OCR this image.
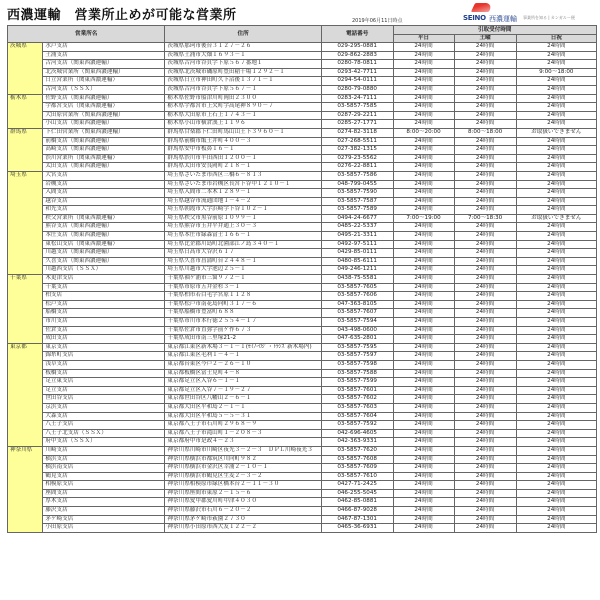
西濃運輸　営業所止めが可能な営業所	2019年06月11日時点	SEINO 西濃運輸 事業所を知る | カンガルー便
営業所名		住所	電話番号	引取受付時間		
				平日	土曜	日祝
茨城県	水戸支店	茨城県那珂市後台３１２７－２６	029-295-0881	24時間	24時間	24時間
	土浦支店	茨城県土浦市大畑１６９３－１	029-862-2883	24時間	24時間	24時間
	古河支店（関東西濃運輸）	茨城県古河市谷貝字下原５６７番地１	0280-78-0811	24時間	24時間	24時間
	北茨城営業所（関東西濃運輸）	茨城県北茨城市磯原町豊田稲干場１２９２－１	0293-42-7711	24時間	24時間	9:00～18:00
	日立営業所（関東西濃運輸）	茨城県日立市神田町久下沼後１３７１－１	0294-54-0111	24時間	24時間	24時間
	古河支店（ＳＳＸ）	茨城県古河市谷貝字下原５６７－１	0280-79-0880	24時間	24時間	24時間
栃木県	佐野支店（関東西濃運輸）	栃木県佐野市船津川町岡田２３００	0283-24-7111	24時間	24時間	24時間
	宇都宮支店（関東西濃運輸）	栃木県宇都宮市上欠町字高尾神８９０－７	03-5857-7585	24時間	24時間	24時間
	大田原営業所（関東西濃運輸）	栃木県大田原市上石上１７４３－１	0287-29-2211	24時間	24時間	24時間
	小山支店（関東西濃運輸）	栃木県小山市横倉漢上１１９６	0285-27-1771	24時間	24時間	24時間
群馬県	下仁田営業所（関東西濃運輸）	群馬県甘楽郡下仁田町馬山山王下３９６０－１	0274-82-3118	8:00～20:00	8:00～18:00	お取扱いできません
	前橋支店（関東西濃運輸）	群馬県前橋市飯土井町４００－３	027-268-5511	24時間	24時間	24時間
	高崎支店（関東西濃運輸）	群馬県安中市板鼻１６－１	027-382-1315	24時間	24時間	24時間
	渋川営業所（関東西濃運輸）	群馬県渋川市半田西田１２００－１	0279-23-5562	24時間	24時間	24時間
	太田支店（関東西濃運輸）	群馬県太田市安良岡町２１８－１	0276-22-8811	24時間	24時間	24時間
埼玉県	大宮支店	埼玉県さいたま市西区三橋６－８１３	03-5857-7586	24時間	24時間	24時間
	岩槻支店	埼玉県さいたま市岩槻区長宮下谷中１２１０－１	048-799-0455	24時間	24時間	24時間
	入間支店	埼玉県入間市二本木１２８９－１	03-5857-7590	24時間	24時間	24時間
	越谷支店	埼玉県越谷市流通団地１－４－２	03-5857-7587	24時間	24時間	24時間
	和光支店	埼玉県朝霞市大字浜崎字下谷１０２－１	03-5857-7589	24時間	24時間	24時間
	秩父営業所（関東西濃運輸）	埼玉県秩父市黒谷前原１０９９－１	0494-24-6677	7:00～19:00	7:00～18:30	お取扱いできません
	熊谷支店（関東西濃運輸）	埼玉県熊谷市玉井平井通上３０－３	0485-22-5337	24時間	24時間	24時間
	本庄支店（関東西濃運輸）	埼玉県本庄市緑森富士１６６－１	0495-21-3311	24時間	24時間	24時間
	東松山支店（関東西濃運輸）	埼玉県比企郡川島町北園部江ノ島３４０－１	0492-97-5111	24時間	24時間	24時間
	川越支店（関東西濃運輸）	埼玉県日高市大谷沢６１７	0429-85-0111	24時間	24時間	24時間
	久喜支店（関東西濃運輸）	埼玉県久喜市菖蒲町台２４４８－１	0480-85-6111	24時間	24時間	24時間
	川越西支店（ＳＳＸ）	埼玉県川越市大字池辺２５－１	049-246-1211	24時間	24時間	24時間
千葉県	木更津支店	千葉県袖ケ浦市三箇９７２－１	0438-75-5581	24時間	24時間	24時間
	千葉支店	千葉県市原市五井金杉３－１	03-5857-7605	24時間	24時間	24時間
	柏支店	千葉県柏市若白毛字宮原１１２８	03-5857-7606	24時間	24時間	24時間
	松戸支店	千葉県松戸市南花島向町３１７－６	047-363-8105	24時間	24時間	24時間
	船橋支店	千葉県船橋市豊富町６８８	03-5857-7607	24時間	24時間	24時間
	市川支店	千葉県市川市本行徳２５５４－１７	03-5857-7594	24時間	24時間	24時間
	佐倉支店	千葉県佐倉市直弥字前ケ作６７３	043-498-0600	24時間	24時間	24時間
	成田支店	千葉県成田市南三里塚21-2	047-635-2801	24時間	24時間	24時間
東京都	東京支店	東京都江東区新木場３－１－１(ｾｲﾉｰﾛｼﾞ・ﾄﾗﾝｽﾞ新木場内)	03-5857-7595	24時間	24時間	24時間
	錦糸町支店	東京都江東区毛利１－４－１	03-5857-7597	24時間	24時間	24時間
	浅草支店	東京都台東区今戸２－２６－１０	03-5857-7598	24時間	24時間	24時間
	板橋支店	東京都板橋区富士見町４－８	03-5857-7588	24時間	24時間	24時間
	足立東支店	東京都足立区入谷６－１－１	03-5857-7599	24時間	24時間	24時間
	足立支店	東京都足立区入谷７－１９－２７	03-5857-7601	24時間	24時間	24時間
	世田谷支店	東京都世田谷区八幡山２－６－１	03-5857-7602	24時間	24時間	24時間
	京浜支店	東京都大田区平和島２－１－１	03-5857-7603	24時間	24時間	24時間
	大森支店	東京都大田区平和島５－５－３１	03-5857-7604	24時間	24時間	24時間
	八王子支店	東京都八王子市石川町２９６８－９	03-5857-7592	24時間	24時間	24時間
	八王子北支店（ＳＳＸ）	東京都八王子市滝山町１－２０８－３	042-696-4605	24時間	24時間	24時間
	府中支店（ＳＳＸ）	東京都府中市是政４－２３	042-363-9331	24時間	24時間	24時間
神奈川県	川崎支店	神奈川県川崎市川崎区夜光３－２－３　ＤＰＬ川崎夜光３	03-5857-7620	24時間	24時間	24時間
	横浜支店	神奈川県横浜市都筑区川向町９８２	03-5857-7608	24時間	24時間	24時間
	横浜南支店	神奈川県横浜市金沢区幸浦２－１０－１	03-5857-7609	24時間	24時間	24時間
	鶴見支店	神奈川県横浜市鶴見区生麦２－３－２	03-5857-7610	24時間	24時間	24時間
	相模原支店	神奈川県相模原市緑区橋本台２－１１－３０	0427-71-2425	24時間	24時間	24時間
	座間支店	神奈川県座間市東原２－１５－６	046-255-5045	24時間	24時間	24時間
	厚木支店	神奈川県愛甲郡愛川町中津４０３０	0462-85-0881	24時間	24時間	24時間
	藤沢支店	神奈川県藤沢市石川６－２０－２	0466-87-9028	24時間	24時間	24時間
	茅ケ崎支店	神奈川県茅ケ崎市萩園２７３０	0467-87-1301	24時間	24時間	24時間
	小田原支店	神奈川県小田原市西大友１２２－２	0465-36-6931	24時間	24時間	24時間
